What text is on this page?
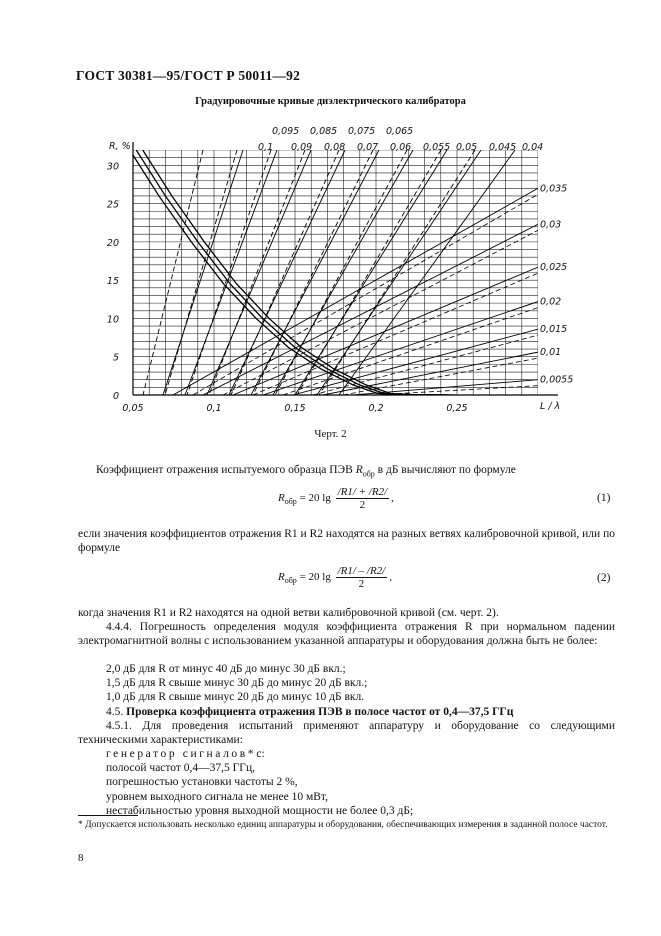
ГОСТ 30381—95/ГОСТ Р 50011—92
Градуировочные кривые диэлектрического калибратора
0
5
10
15
20
25
30
0,05	0,1	0,15	0,2	0,25
R, %
L / λ
0,095 0,085 0,075 0,065
0,1 0,09 0,08 0,07 0,06 0,055 0,05 0,045 0,04
0,035
0,03
0,025
0,02
0,015
0,01
0,0055
Черт. 2
Коэффициент отражения испытуемого образца ПЭВ $R_{обр}$ в дБ вычисляют по формуле
$R_{обр} = 20$ $\lg \frac{/R1/ + /R2/}{2}$ ,	(1)
если значения коэффициентов отражения R1 и R2 находятся на разных ветвях калибровочной кривой, или по формуле
$R_{обр} = 20$ $\lg \frac{/R1/ - /R2/}{2}$ ,	(2)
когда значения R1 и R2 находятся на одной ветви калибровочной кривой (см. черт. 2).
4.4.4. Погрешность определения модуля коэффициента отражения R при нормальном падении электромагнитной волны с использованием указанной аппаратуры и оборудования должна быть не более:
2,0 дБ для R от минус 40 дБ до минус 30 дБ вкл.;
1,5 дБ для R свыше минус 30 дБ до минус 20 дБ вкл.;
1,0 дБ для R свыше минус 20 дБ до минус 10 дБ вкл.
4.5. Проверка коэффициента отражения ПЭВ в полосе частот от 0,4—37,5 ГГц
4.5.1. Для проведения испытаний применяют аппаратуру и оборудование со следующими техническими характеристиками:
генератор сигналов* с:
полосой частот 0,4—37,5 ГГц,
погрешностью установки частоты 2 %,
уровнем выходного сигнала не менее 10 мВт,
нестабильностью уровня выходной мощности не более 0,3 дБ;
* Допускается использовать несколько единиц аппаратуры и оборудования, обеспечивающих измерения в заданной полосе частот.
8
